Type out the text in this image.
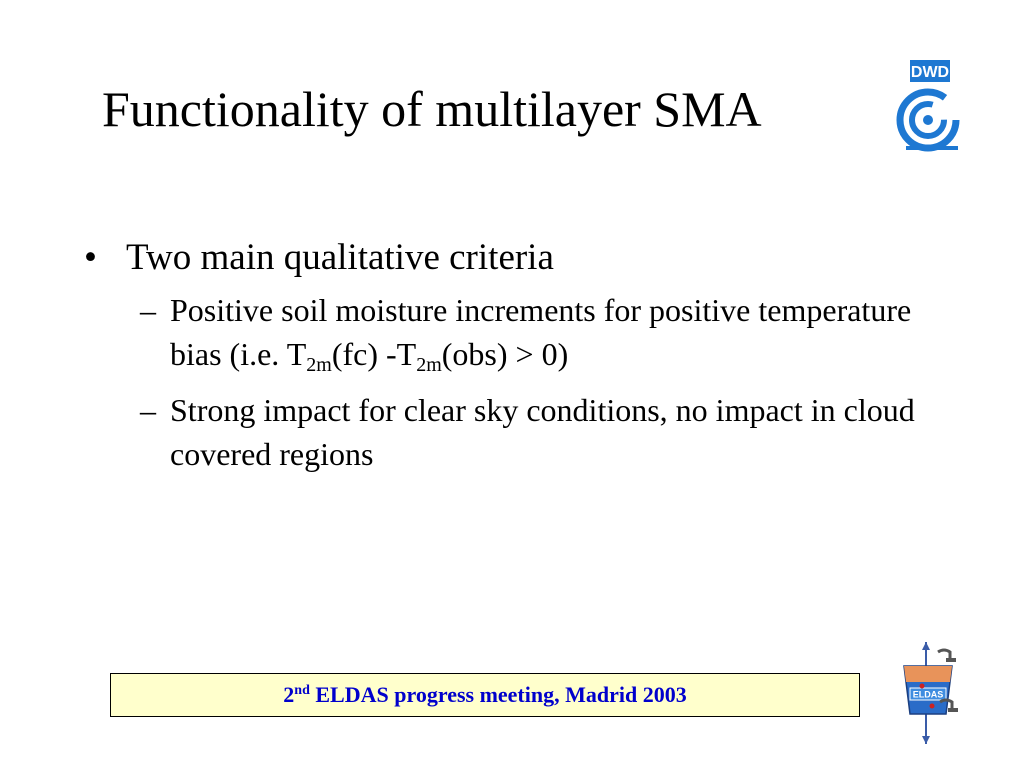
Functionality of multilayer SMA
DWD
• Two main qualitative criteria
– Positive soil moisture increments for positive temperature bias (i.e. $T_{2m}(fc) -T_{2m}(obs) > 0$)
– Strong impact for clear sky conditions, no impact in cloud covered regions
2nd ELDAS progress meeting, Madrid 2003	ELDAS
